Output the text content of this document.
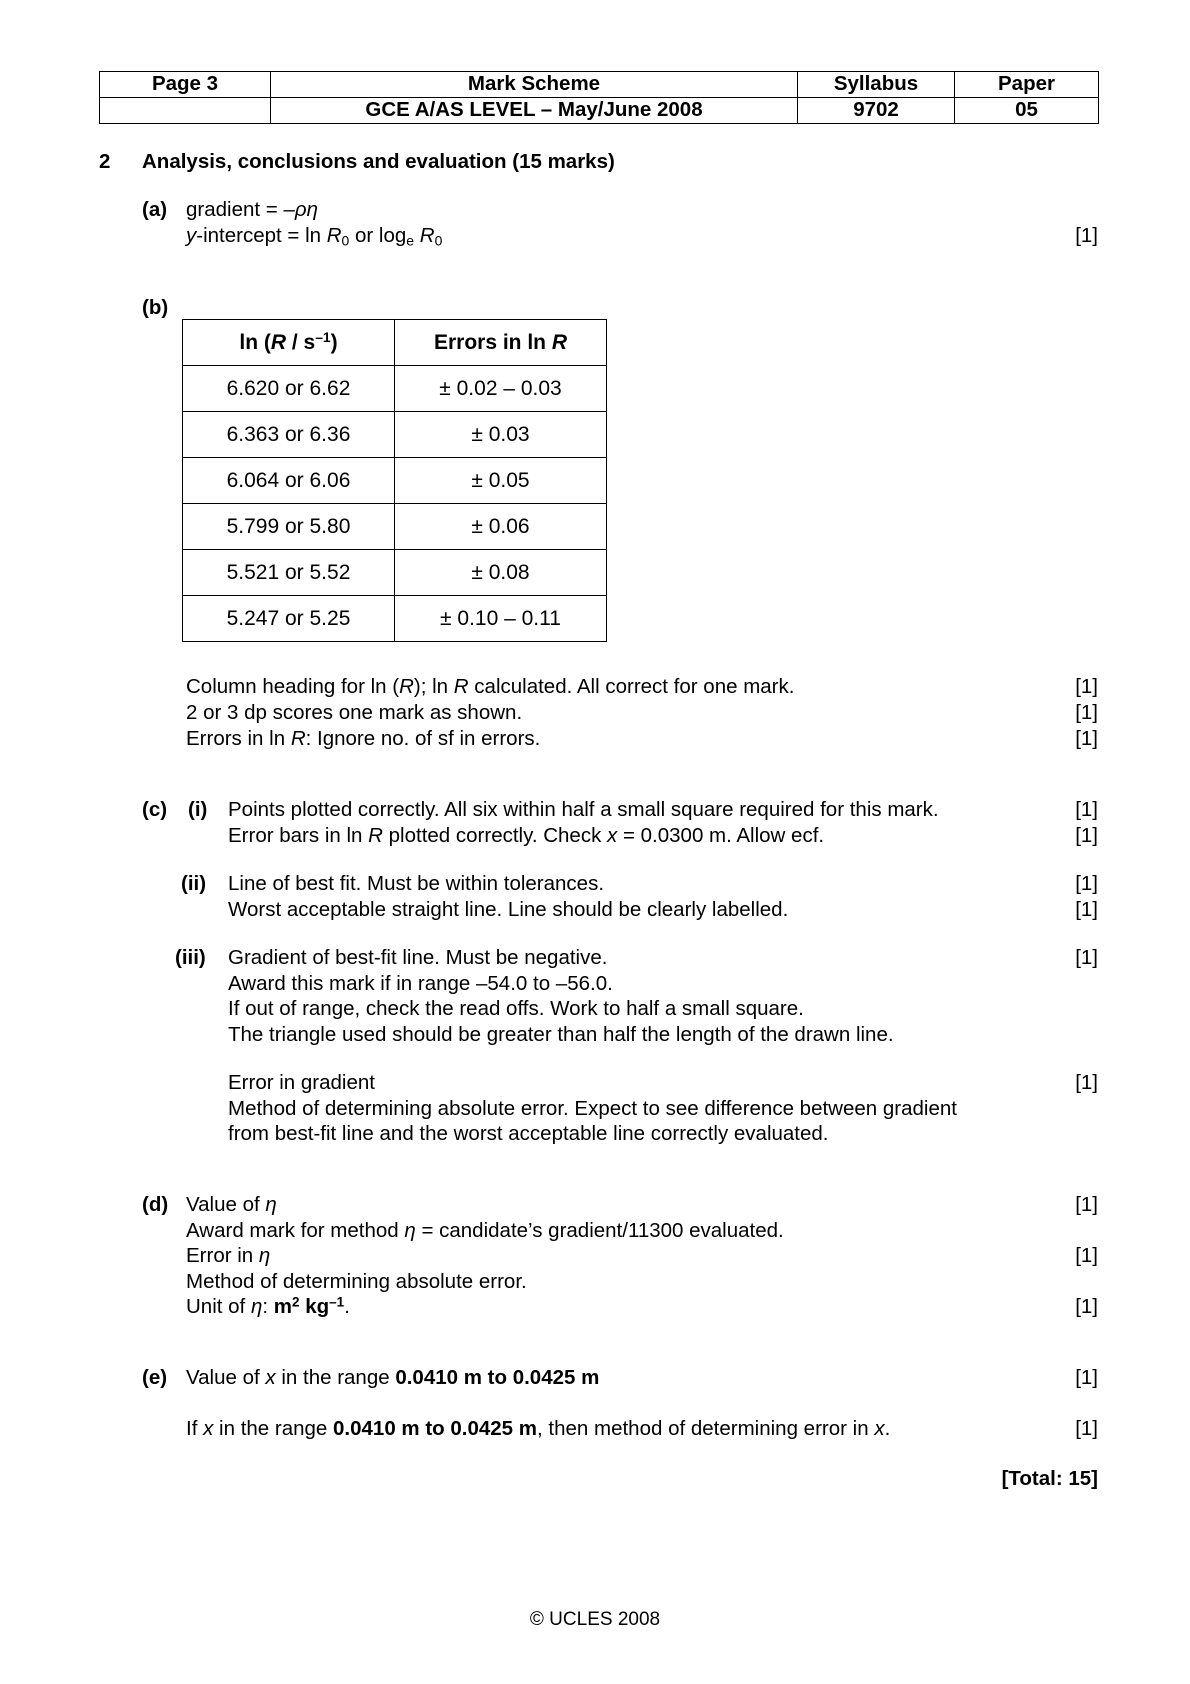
Page 3	Mark Scheme	Syllabus	Paper
	GCE A/AS LEVEL – May/June 2008	9702	05
2 Analysis, conclusions and evaluation (15 marks)
(a) gradient = –ρη
y-intercept = $\ln R_0$ or $\log_e R_0$	[1]
(b)
$\ln (R / s^{-1})$	Errors in ln R
6.620 or 6.62	± 0.02 – 0.03
6.363 or 6.36	± 0.03
6.064 or 6.06	± 0.05
5.799 or 5.80	± 0.06
5.521 or 5.52	± 0.08
5.247 or 5.25	± 0.10 – 0.11
Column heading for ln (R); ln R calculated. All correct for one mark.	[1]
2 or 3 dp scores one mark as shown.	[1]
Errors in ln R: Ignore no. of sf in errors.	[1]
(c) (i) Points plotted correctly. All six within half a small square required for this mark.	[1]
Error bars in ln R plotted correctly. Check x = 0.0300 m. Allow ecf.	[1]
(ii) Line of best fit. Must be within tolerances.	[1]
Worst acceptable straight line. Line should be clearly labelled.	[1]
(iii) Gradient of best-fit line. Must be negative.	[1]
Award this mark if in range –54.0 to –56.0.
If out of range, check the read offs. Work to half a small square.
The triangle used should be greater than half the length of the drawn line.
Error in gradient	[1]
Method of determining absolute error. Expect to see difference between gradient
from best-fit line and the worst acceptable line correctly evaluated.
(d) Value of η	[1]
Award mark for method η = candidate’s gradient/11300 evaluated.
Error in η	[1]
Method of determining absolute error.
Unit of η: $m^2$ $kg^{-1}$.	[1]
(e) Value of x in the range 0.0410 m to 0.0425 m	[1]
If x in the range 0.0410 m to 0.0425 m, then method of determining error in x.	[1]
[Total: 15]
© UCLES 2008
